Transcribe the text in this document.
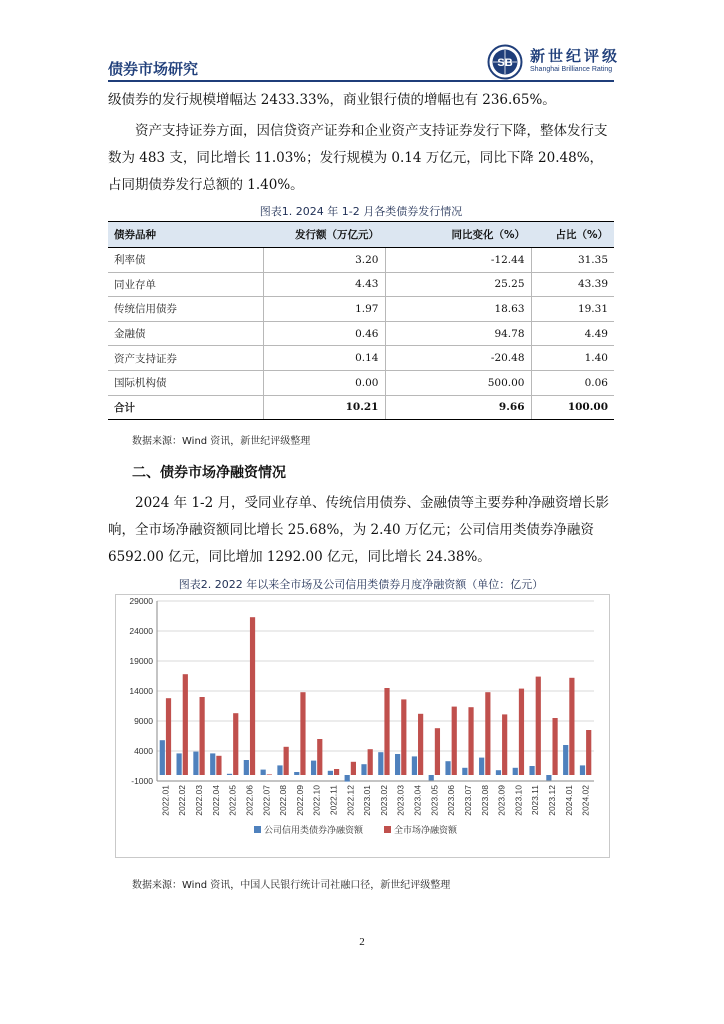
债券市场研究	SB 新世纪评级
Shanghai Brilliance Rating

级债券的发行规模增幅达 2433.33%，商业银行债的增幅也有 236.65%。

资产支持证券方面，因信贷资产证券和企业资产支持证券发行下降，整体发行支数为 483 支，同比增长 11.03%；发行规模为 0.14 万亿元，同比下降 20.48%，占同期债券发行总额的 1.40%。

图表1. 2024 年 1-2 月各类债券发行情况
债券品种	发行额（万亿元）	同比变化（%）	占比（%）
利率债	3.20	-12.44	31.35
同业存单	4.43	25.25	43.39
传统信用债券	1.97	18.63	19.31
金融债	0.46	94.78	4.49
资产支持证券	0.14	-20.48	1.40
国际机构债	0.00	500.00	0.06
合计	10.21	9.66	100.00
数据来源：Wind 资讯，新世纪评级整理
二、债券市场净融资情况

2024 年 1-2 月，受同业存单、传统信用债券、金融债等主要券种净融资增长影响，全市场净融资额同比增长 25.68%，为 2.40 万亿元；公司信用类债券净融资 6592.00 亿元，同比增加 1292.00 亿元，同比增长 24.38%。

图表2. 2022 年以来全市场及公司信用类债券月度净融资额（单位：亿元）
-1000
4000
9000
14000
19000
24000
29000
2022.01 2022.02 2022.03 2022.04 2022.05 2022.06 2022.07 2022.08 2022.09 2022.10 2022.11 2022.12 2023.01 2023.02 2023.03 2023.04 2023.05 2023.06 2023.07 2023.08 2023.09 2023.10 2023.11 2023.12 2024.01 2024.02
公司信用类债券净融资额	全市场净融资额
数据来源：Wind 资讯，中国人民银行统计司社融口径，新世纪评级整理
2
